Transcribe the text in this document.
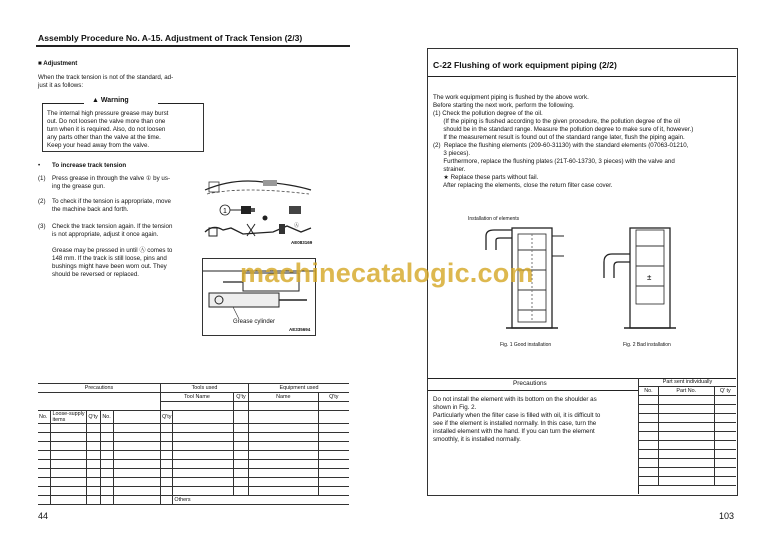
Assembly Procedure No. A-15. Adjustment of Track Tension (2/3)
■ Adjustment
When the track tension is not of the standard, ad-
just it as follows:
▲ Warning
The internal high pressure grease may burst
out. Do not loosen the valve more than one
turn when it is required. Also, do not loosen
any parts other than the valve at the time.
Keep your head away from the valve.
• To increase track tension
(1) Press grease in through the valve ① by us-
ing the grease gun.
(2) To check if the tension is appropriate, move
the machine back and forth.
(3) Check the track tension again. If the tension
is not appropriate, adjust it once again.
Grease may be pressed in until Ⓐ comes to
148 mm. If the track is still loose, pins and
bushings might have been worn out. They
should be reversed or replaced.
1
Ⓐ
AE083169
Grease cylinder
AE335694
Precautions					Tools used			Equipment used	
					Tool Name		Q'ty	Name	Q'ty

No.	Loose-supply items	Q'ty	No.		Q'ty				

						Others			
44
C-22 Flushing of work equipment piping (2/2)
The work equipment piping is flushed by the above work.
Before starting the next work, perform the following.
(1) Check the pollution degree of the oil.
(If the piping is flushed according to the given procedure, the pollution degree of the oil
should be in the standard range. Measure the pollution degree to make sure of it, however.)
If the measurement result is found out of the standard range later, flush the piping again.
(2)  Replace the flushing elements (209-60-31130) with the standard elements (07063-01210,
3 pieces).
Furthermore, replace the flushing plates (21T-60-13730, 3 pieces) with the valve and
strainer.
★ Replace these parts without fail.
After replacing the elements, close the return filter case cover.
Installation of elements
±
Fig. 1 Good installation	Fig. 2 Bad installation
Precautions
Do not install the element with its bottom on the shoulder as
shown in Fig. 2.
Particularly when the filter case is filled with oil, it is difficult to
see if the element is installed normally. In this case, turn the
installed element with the hand. If you can turn the element
smoothly, it is installed normally.
Part sent individually		
No.	Part No.	Q' ty

103
machinecatalogic.com
